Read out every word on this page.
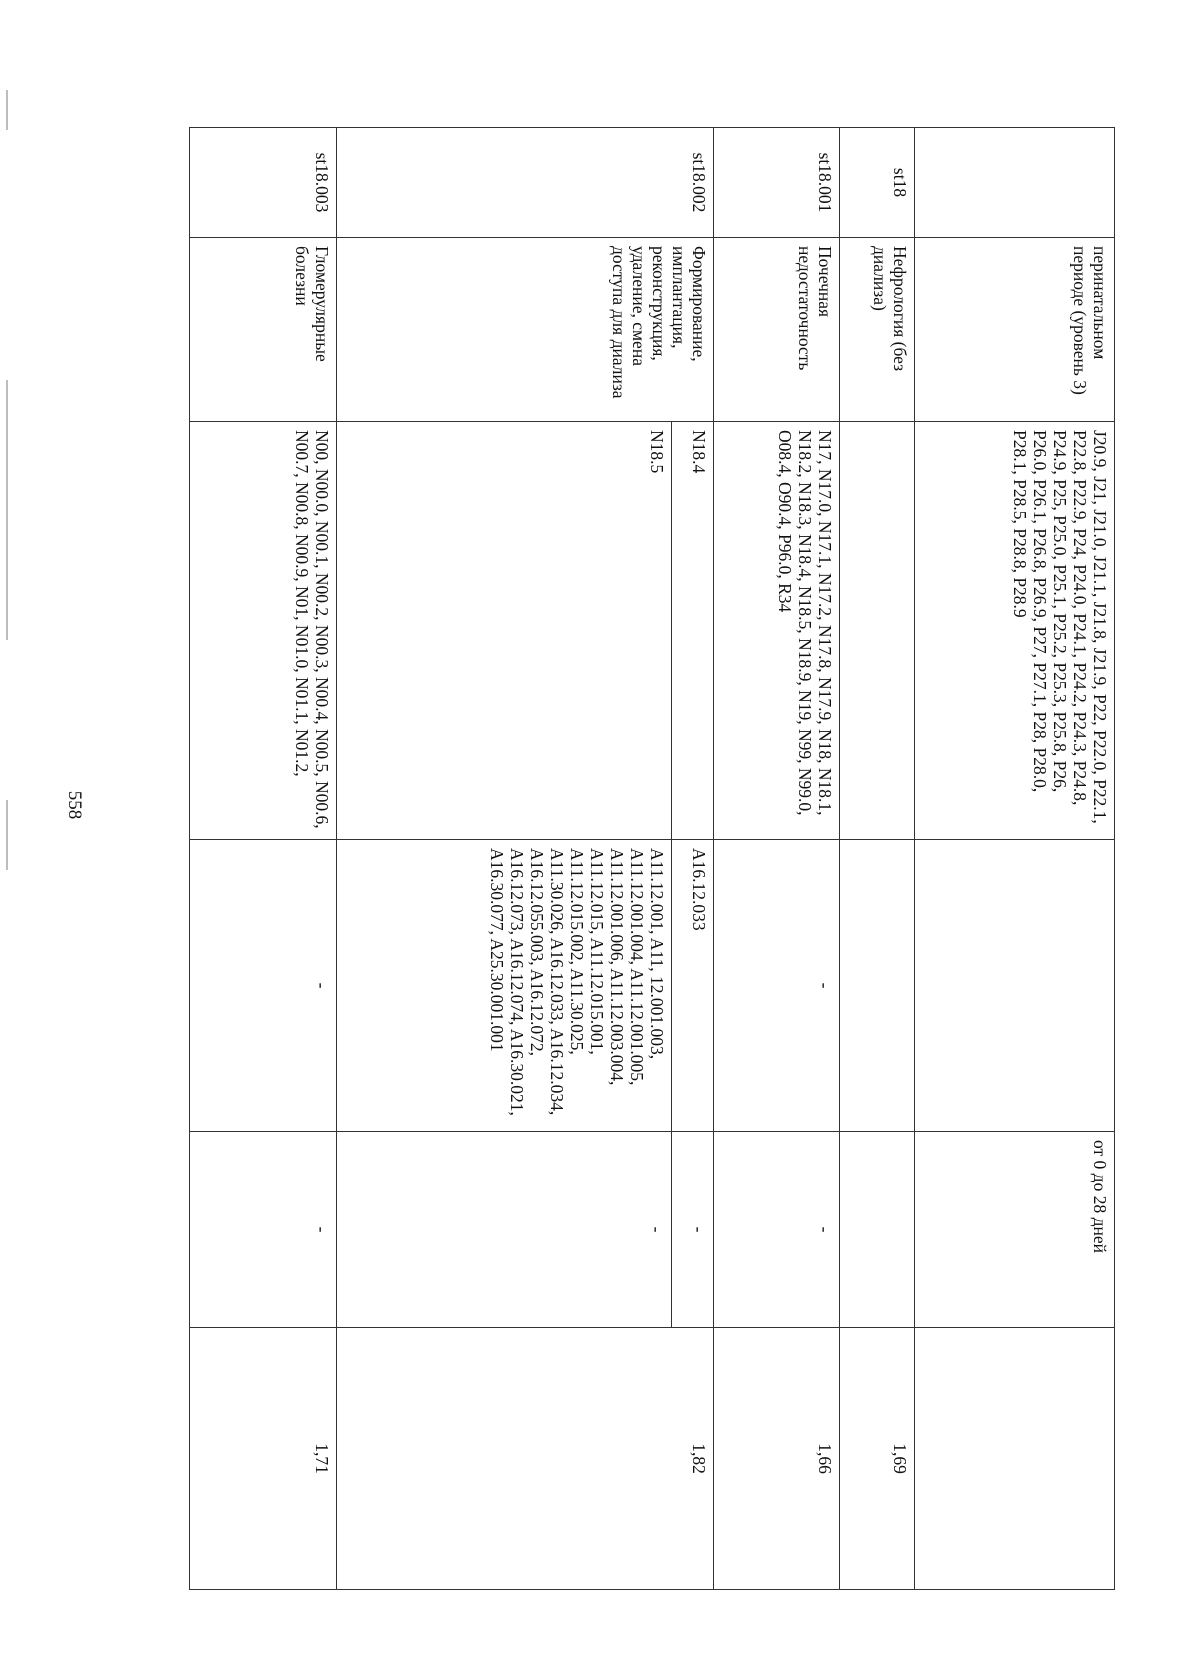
558
	перинатальном периоде (уровень 3)	J20.9, J21, J21.0, J21.1, J21.8, J21.9, P22, P22.0, P22.1, P22.8, P22.9, P24, P24.0, P24.1, P24.2, P24.3, P24.8, P24.9, P25, P25.0, P25.1, P25.2, P25.3, P25.8, P26, P26.0, P26.1, P26.8, P26.9, P27, P27.1, P28, P28.0, P28.1, P28.5, P28.8, P28.9		от 0 до 28 дней	
st18	Нефрология (без диализа)				1,69
st18.001	Почечная недостаточность	N17, N17.0, N17.1, N17.2, N17.8, N17.9, N18, N18.1, N18.2, N18.3, N18.4, N18.5, N18.9, N19, N99, N99.0, O08.4, O90.4, P96.0, R34	-	-	1,66
st18.002	Формирование, имплантация, реконструкция, удаление, смена доступа для диализа	N18.4	A16.12.033	-	1,82
		N18.5	A11.12.001, A11, 12.001.003, A11.12.001.004, A11.12.001.005, A11.12.001.006, A11.12.003.004, A11.12.015, A11.12.015.001, A11.12.015.002, A11.30.025, A11.30.026, A16.12.033, A16.12.034, A16.12.055.003, A16.12.072, A16.12.073, A16.12.074, A16.30.021, A16.30.077, A25.30.001.001	-	
st18.003	Гломерулярные болезни	N00, N00.0, N00.1, N00.2, N00.3, N00.4, N00.5, N00.6, N00.7, N00.8, N00.9, N01, N01.0, N01.1, N01.2,	-	-	1,71
